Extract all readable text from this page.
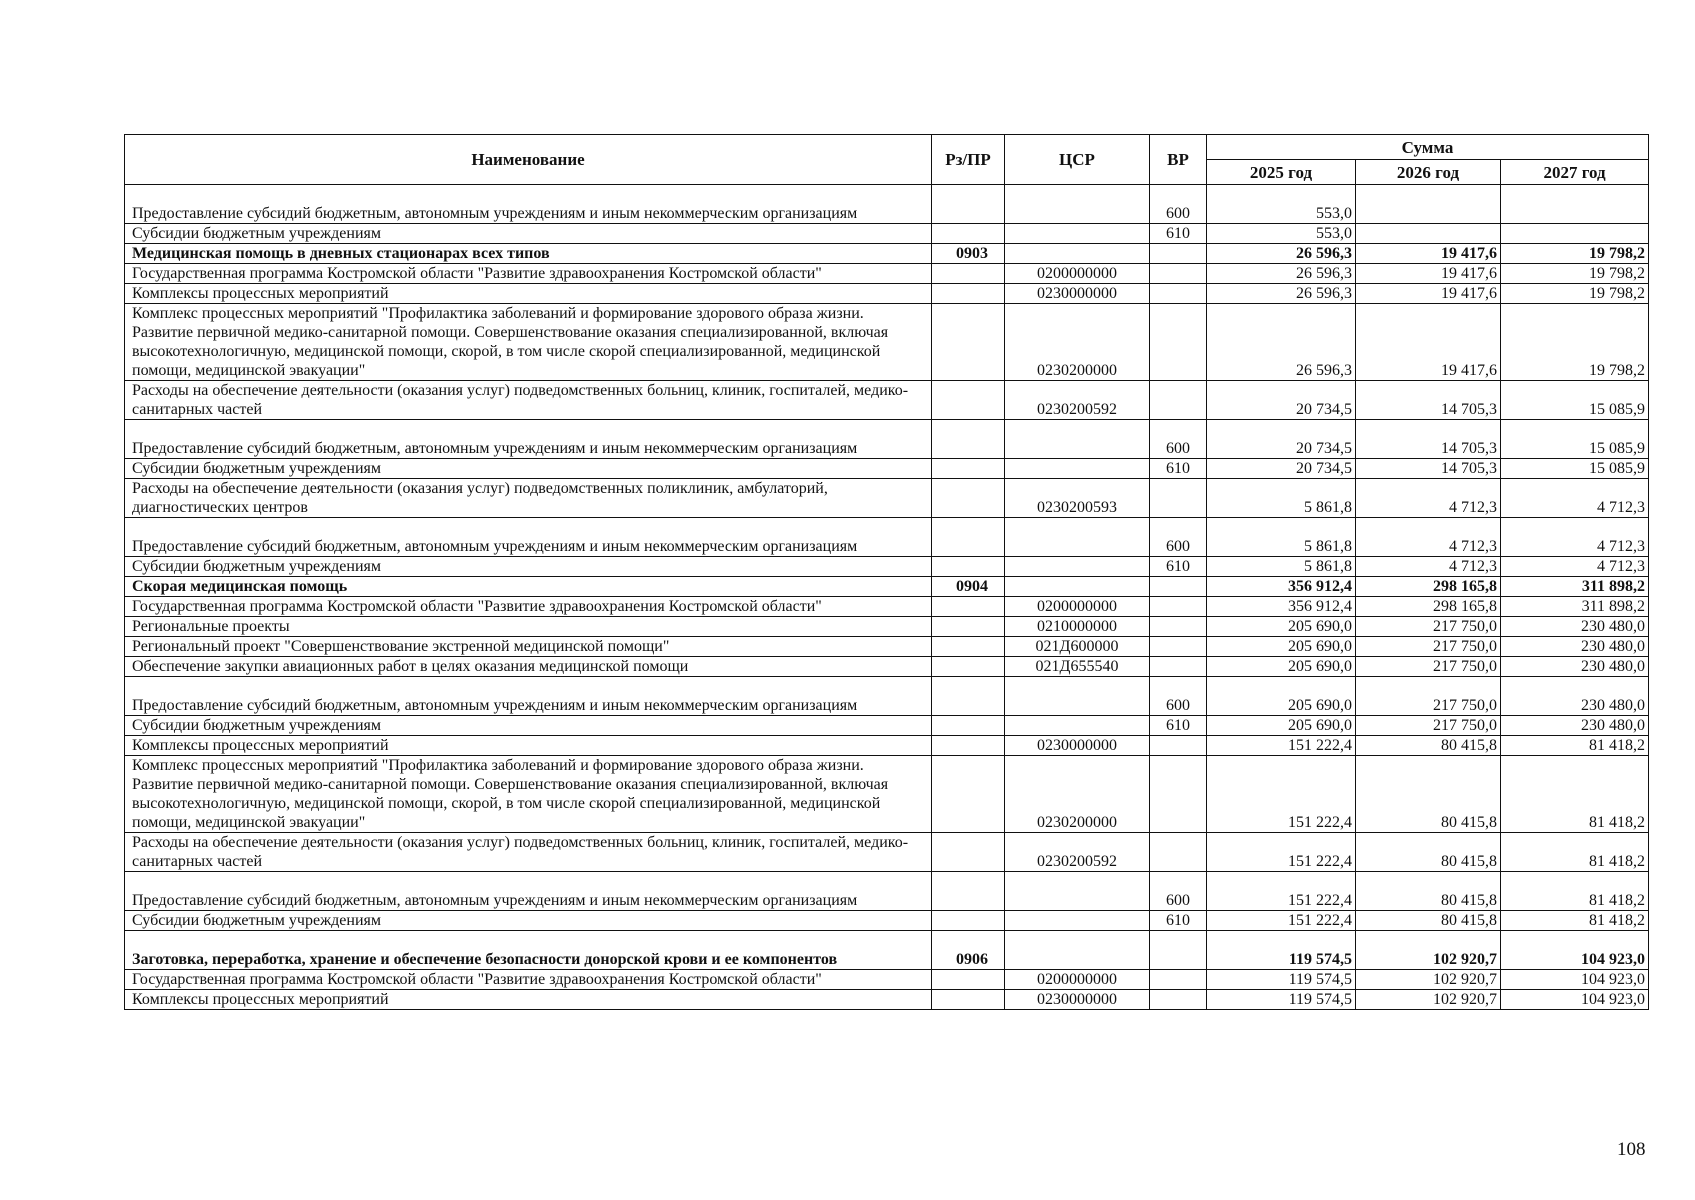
Наименование	Рз/ПР	ЦСР	ВР	Сумма		
				2025 год	2026 год	2027 год
Предоставление субсидий бюджетным, автономным учреждениям и иным некоммерческим организациям			600	553,0		
Субсидии бюджетным учреждениям			610	553,0		
Медицинская помощь в дневных стационарах всех типов	0903			26 596,3	19 417,6	19 798,2
Государственная программа Костромской области "Развитие здравоохранения Костромской области"		0200000000		26 596,3	19 417,6	19 798,2
Комплексы процессных мероприятий		0230000000		26 596,3	19 417,6	19 798,2
Комплекс процессных мероприятий "Профилактика заболеваний и формирование здорового образа жизни. Развитие первичной медико-санитарной помощи. Совершенствование оказания специализированной, включая высокотехнологичную, медицинской помощи, скорой, в том числе скорой специализированной, медицинской помощи, медицинской эвакуации"		0230200000		26 596,3	19 417,6	19 798,2
Расходы на обеспечение деятельности (оказания услуг) подведомственных больниц, клиник, госпиталей, медико-санитарных частей		0230200592		20 734,5	14 705,3	15 085,9
Предоставление субсидий бюджетным, автономным учреждениям и иным некоммерческим организациям			600	20 734,5	14 705,3	15 085,9
Субсидии бюджетным учреждениям			610	20 734,5	14 705,3	15 085,9
Расходы на обеспечение деятельности (оказания услуг) подведомственных поликлиник, амбулаторий, диагностических центров		0230200593		5 861,8	4 712,3	4 712,3
Предоставление субсидий бюджетным, автономным учреждениям и иным некоммерческим организациям			600	5 861,8	4 712,3	4 712,3
Субсидии бюджетным учреждениям			610	5 861,8	4 712,3	4 712,3
Скорая медицинская помощь	0904			356 912,4	298 165,8	311 898,2
Государственная программа Костромской области "Развитие здравоохранения Костромской области"		0200000000		356 912,4	298 165,8	311 898,2
Региональные проекты		0210000000		205 690,0	217 750,0	230 480,0
Региональный проект "Совершенствование экстренной медицинской помощи"		021Д600000		205 690,0	217 750,0	230 480,0
Обеспечение закупки авиационных работ в целях оказания медицинской помощи		021Д655540		205 690,0	217 750,0	230 480,0
Предоставление субсидий бюджетным, автономным учреждениям и иным некоммерческим организациям			600	205 690,0	217 750,0	230 480,0
Субсидии бюджетным учреждениям			610	205 690,0	217 750,0	230 480,0
Комплексы процессных мероприятий		0230000000		151 222,4	80 415,8	81 418,2
Комплекс процессных мероприятий "Профилактика заболеваний и формирование здорового образа жизни. Развитие первичной медико-санитарной помощи. Совершенствование оказания специализированной, включая высокотехнологичную, медицинской помощи, скорой, в том числе скорой специализированной, медицинской помощи, медицинской эвакуации"		0230200000		151 222,4	80 415,8	81 418,2
Расходы на обеспечение деятельности (оказания услуг) подведомственных больниц, клиник, госпиталей, медико-санитарных частей		0230200592		151 222,4	80 415,8	81 418,2
Предоставление субсидий бюджетным, автономным учреждениям и иным некоммерческим организациям			600	151 222,4	80 415,8	81 418,2
Субсидии бюджетным учреждениям			610	151 222,4	80 415,8	81 418,2
Заготовка, переработка, хранение и обеспечение безопасности донорской крови и ее компонентов	0906			119 574,5	102 920,7	104 923,0
Государственная программа Костромской области "Развитие здравоохранения Костромской области"		0200000000		119 574,5	102 920,7	104 923,0
Комплексы процессных мероприятий		0230000000		119 574,5	102 920,7	104 923,0
108
